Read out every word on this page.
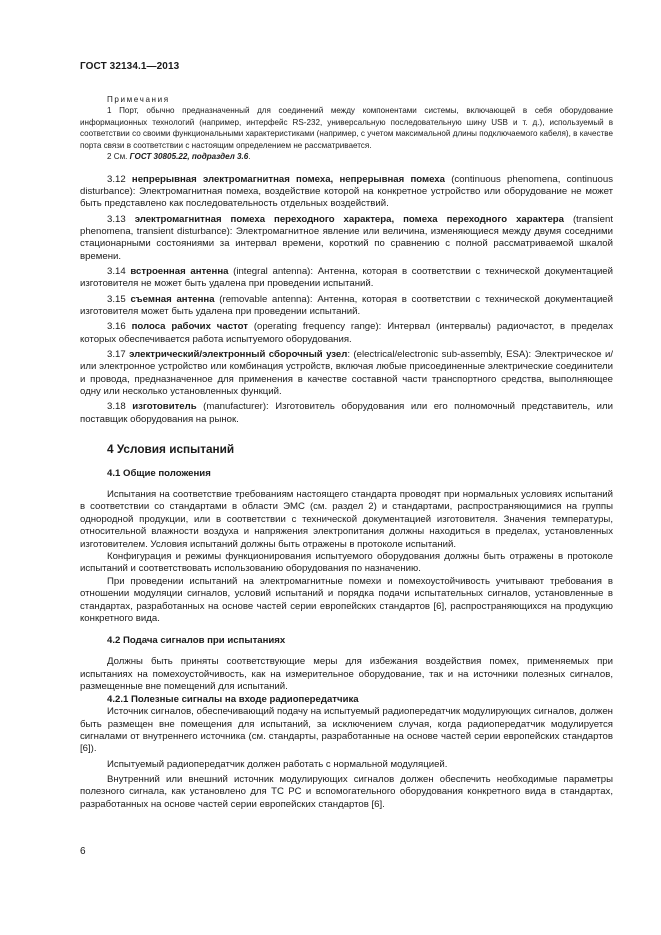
ГОСТ 32134.1—2013

Примечания

1 Порт, обычно предназначенный для соединений между компонентами системы, включающей в себя оборудование информационных технологий (например, интерфейс RS-232, универсальную последовательную шину USB и т. д.), используемый в соответствии со своими функциональными характеристиками (например, с учетом максимальной длины подключаемого кабеля), в качестве порта связи в соответствии с настоящим определением не рассматривается.

2 См. ГОСТ 30805.22, подраздел 3.6.

3.12 непрерывная электромагнитная помеха, непрерывная помеха (continuous phenomena, continuous disturbance): Электромагнитная помеха, воздействие которой на конкретное устройство или оборудование не может быть представлено как последовательность отдельных воздействий.

3.13 электромагнитная помеха переходного характера, помеха переходного характера (transient phenomena, transient disturbance): Электромагнитное явление или величина, изменяющиеся между двумя соседними стационарными состояниями за интервал времени, короткий по сравнению с полной рассматриваемой шкалой времени.

3.14 встроенная антенна (integral antenna): Антенна, которая в соответствии с технической документацией изготовителя не может быть удалена при проведении испытаний.

3.15 съемная антенна (removable antenna): Антенна, которая в соответствии с технической документацией изготовителя может быть удалена при проведении испытаний.

3.16 полоса рабочих частот (operating frequency range): Интервал (интервалы) радиочастот, в пределах которых обеспечивается работа испытуемого оборудования.

3.17 электрический/электронный сборочный узел: (electrical/electronic sub-assembly, ESA): Электрическое и/или электронное устройство или комбинация устройств, включая любые присоединенные электрические соединители и провода, предназначенное для применения в качестве составной части транспортного средства, выполняющее одну или несколько установленных функций.

3.18 изготовитель (manufacturer): Изготовитель оборудования или его полномочный представитель, или поставщик оборудования на рынок.

4 Условия испытаний
4.1 Общие положения

Испытания на соответствие требованиям настоящего стандарта проводят при нормальных условиях испытаний в соответствии со стандартами в области ЭМС (см. раздел 2) и стандартами, распространяющимися на группы однородной продукции, или в соответствии с технической документацией изготовителя. Значения температуры, относительной влажности воздуха и напряжения электропитания должны находиться в пределах, установленных изготовителем. Условия испытаний должны быть отражены в протоколе испытаний.

Конфигурация и режимы функционирования испытуемого оборудования должны быть отражены в протоколе испытаний и соответствовать использованию оборудования по назначению.

При проведении испытаний на электромагнитные помехи и помехоустойчивость учитывают требования в отношении модуляции сигналов, условий испытаний и порядка подачи испытательных сигналов, установленные в стандартах, разработанных на основе частей серии европейских стандартов [6], распространяющихся на продукцию конкретного вида.

4.2 Подача сигналов при испытаниях

Должны быть приняты соответствующие меры для избежания воздействия помех, применяемых при испытаниях на помехоустойчивость, как на измерительное оборудование, так и на источники полезных сигналов, размещенные вне помещений для испытаний.

4.2.1 Полезные сигналы на входе радиопередатчика

Источник сигналов, обеспечивающий подачу на испытуемый радиопередатчик модулирующих сигналов, должен быть размещен вне помещения для испытаний, за исключением случая, когда радиопередатчик модулируется сигналами от внутреннего источника (см. стандарты, разработанные на основе частей серии европейских стандартов [6]).

Испытуемый радиопередатчик должен работать с нормальной модуляцией.

Внутренний или внешний источник модулирующих сигналов должен обеспечить необходимые параметры полезного сигнала, как установлено для ТС РС и вспомогательного оборудования конкретного вида в стандартах, разработанных на основе частей серии европейских стандартов [6].

6
